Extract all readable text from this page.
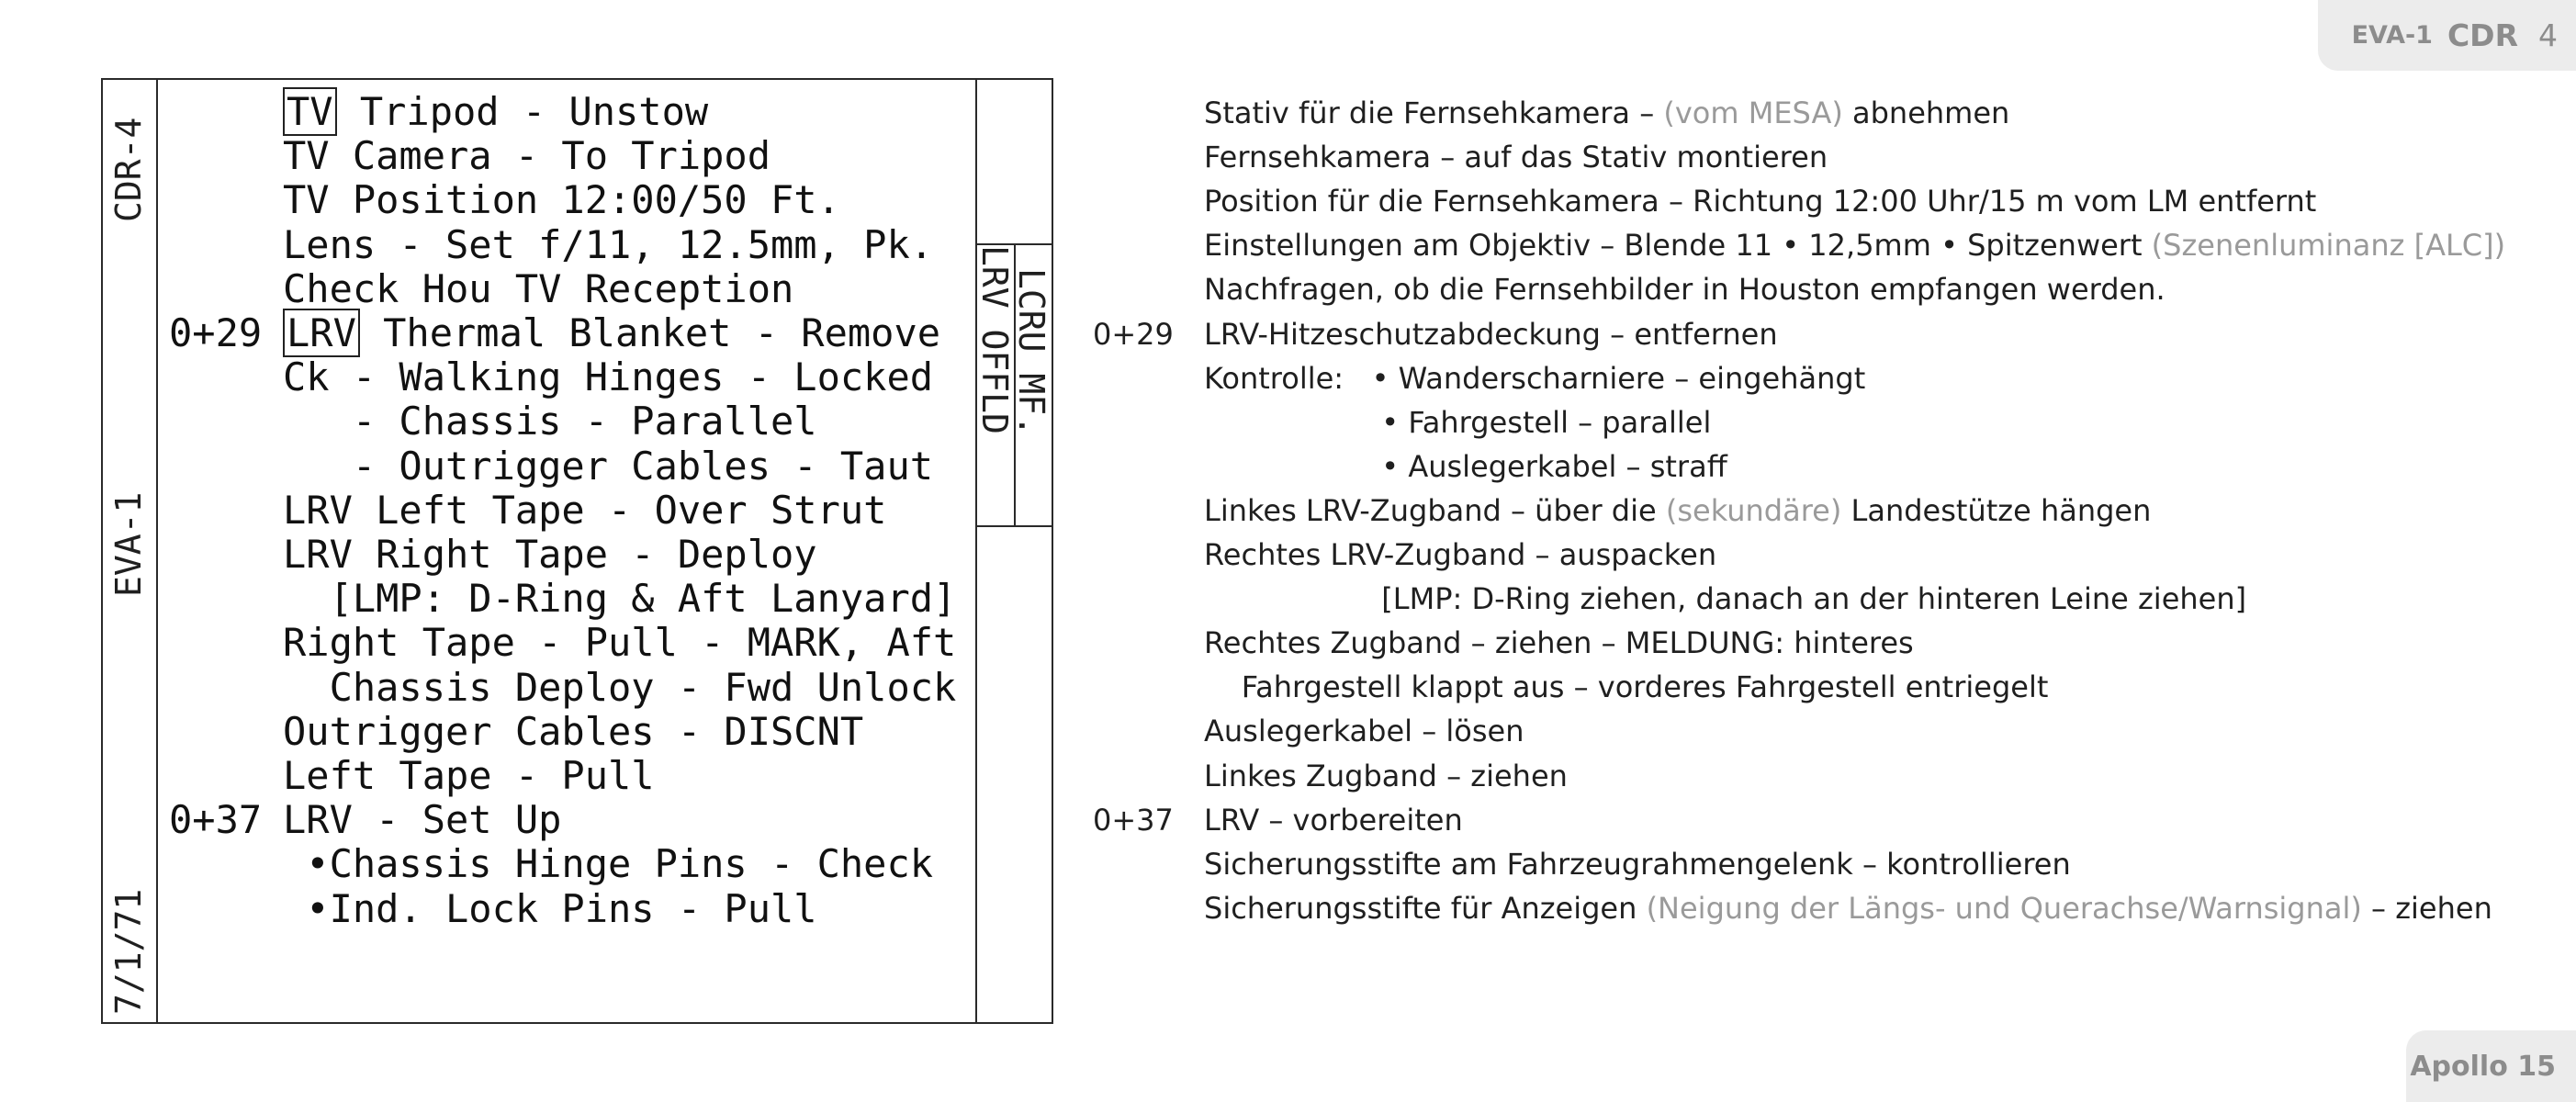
EVA-1 CDR 4
CDR-4
EVA-1
7/1/71
LCRU MF.
LRV OFFLD
TV Tripod - Unstow
TV Camera - To Tripod
TV Position 12:00/50 Ft.
Lens - Set f/11, 12.5mm, Pk.
Check Hou TV Reception
0+29 LRV Thermal Blanket - Remove
Ck - Walking Hinges - Locked
- Chassis - Parallel
- Outrigger Cables - Taut
LRV Left Tape - Over Strut
LRV Right Tape - Deploy
[LMP: D-Ring & Aft Lanyard]
Right Tape - Pull - MARK, Aft
Chassis Deploy - Fwd Unlock
Outrigger Cables - DISCNT
Left Tape - Pull
0+37 LRV - Set Up
•Chassis Hinge Pins - Check
•Ind. Lock Pins - Pull
Stativ für die Fernsehkamera – (vom MESA) abnehmen
Fernsehkamera – auf das Stativ montieren
Position für die Fernsehkamera – Richtung 12:00 Uhr/15 m vom LM entfernt
Einstellungen am Objektiv – Blende 11 • 12,5mm • Spitzenwert (Szenenluminanz [ALC])
Nachfragen, ob die Fernsehbilder in Houston empfangen werden.
0+29 LRV-Hitzeschutzabdeckung – entfernen
Kontrolle:   • Wanderscharniere – eingehängt
• Fahrgestell – parallel
• Auslegerkabel – straff
Linkes LRV-Zugband – über die (sekundäre) Landestütze hängen
Rechtes LRV-Zugband – auspacken
[LMP: D-Ring ziehen, danach an der hinteren Leine ziehen]
Rechtes Zugband – ziehen – MELDUNG: hinteres
Fahrgestell klappt aus – vorderes Fahrgestell entriegelt
Auslegerkabel – lösen
Linkes Zugband – ziehen
0+37 LRV – vorbereiten
Sicherungsstifte am Fahrzeugrahmengelenk – kontrollieren
Sicherungsstifte für Anzeigen (Neigung der Längs- und Querachse/Warnsignal) – ziehen
Apollo 15
